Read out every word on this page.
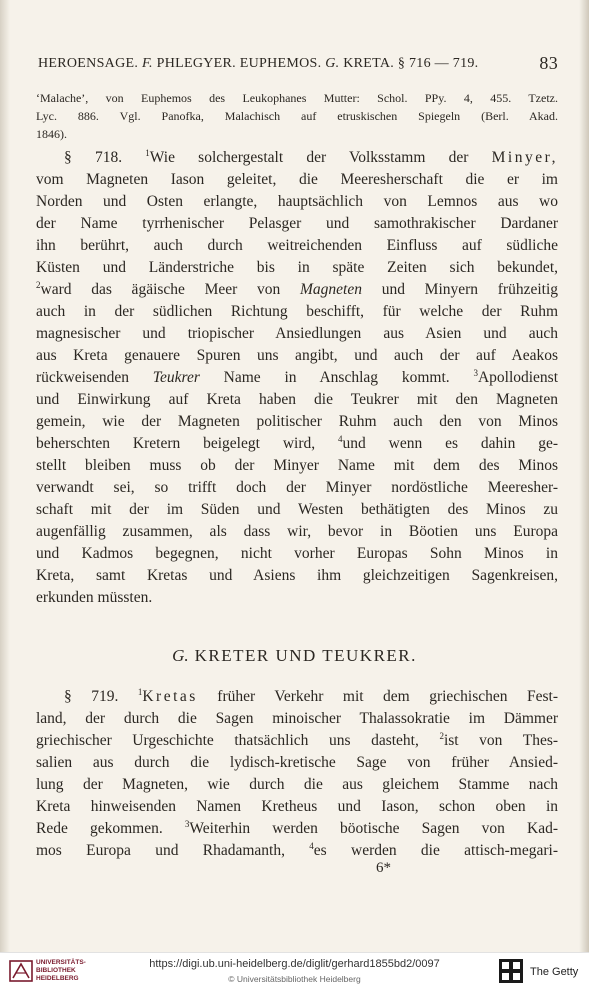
HEROENSAGE. F. PHLEGYER. EUPHEMOS. G. KRETA. § 716 — 719.	83
‘Malache’, von Euphemos des Leukophanes Mutter: Schol. PPy. 4, 455. Tzetz.
Lyc. 886. Vgl. Panofka, Malachisch auf etruskischen Spiegeln (Berl. Akad.
1846).
§ 718.	$^1$Wie solchergestalt der Volksstamm der Minyer,
vom Magneten Iason geleitet, die Meeresherschaft die er im
Norden und Osten erlangte, hauptsächlich von Lemnos aus wo
der Name tyrrhenischer Pelasger und samothrakischer Dardaner
ihn berührt, auch durch weitreichenden Einfluss auf südliche
Küsten und Länderstriche bis in späte Zeiten sich bekundet,
$^2$ward das ägäische Meer von Magneten und Minyern frühzeitig
auch in der südlichen Richtung beschifft, für welche der Ruhm
magnesischer und triopischer Ansiedlungen aus Asien und auch
aus Kreta genauere Spuren uns angibt, und auch der auf Aeakos
rückweisenden Teukrer Name in Anschlag kommt.	$^3$Apollodienst
und Einwirkung auf Kreta haben die Teukrer mit den Magneten
gemein, wie der Magneten politischer Ruhm auch den von Minos
beherschten Kretern beigelegt wird,	$^4$und wenn es dahin ge-
stellt bleiben muss ob der Minyer Name mit dem des Minos
verwandt sei, so trifft doch der Minyer nordöstliche Meeresher-
schaft mit der im Süden und Westen bethätigten des Minos zu
augenfällig zusammen, als dass wir, bevor in Böotien uns Europa
und Kadmos begegnen, nicht vorher Europas Sohn Minos in
Kreta, samt Kretas und Asiens ihm gleichzeitigen Sagenkreisen,
erkunden müssten.
G. KRETER UND TEUKRER.
§ 719. $^1$Kretas früher Verkehr mit dem griechischen Fest-
land, der durch die Sagen minoischer Thalassokratie im Dämmer
griechischer Urgeschichte thatsächlich uns dasteht, $^2$ist von Thes-
salien aus durch die lydisch-kretische Sage von früher Ansied-
lung der Magneten, wie durch die aus gleichem Stamme nach
Kreta hinweisenden Namen Kretheus und Iason, schon oben in
Rede gekommen. $^3$Weiterhin werden böotische Sagen von Kad-
mos Europa und Rhadamanth,	$^4$es werden die attisch-megari-
6*
UNIVERSITÄTS-
BIBLIOTHEK
HEIDELBERG
https://digi.ub.uni-heidelberg.de/diglit/gerhard1855bd2/0097
© Universitätsbibliothek Heidelberg
The Getty
